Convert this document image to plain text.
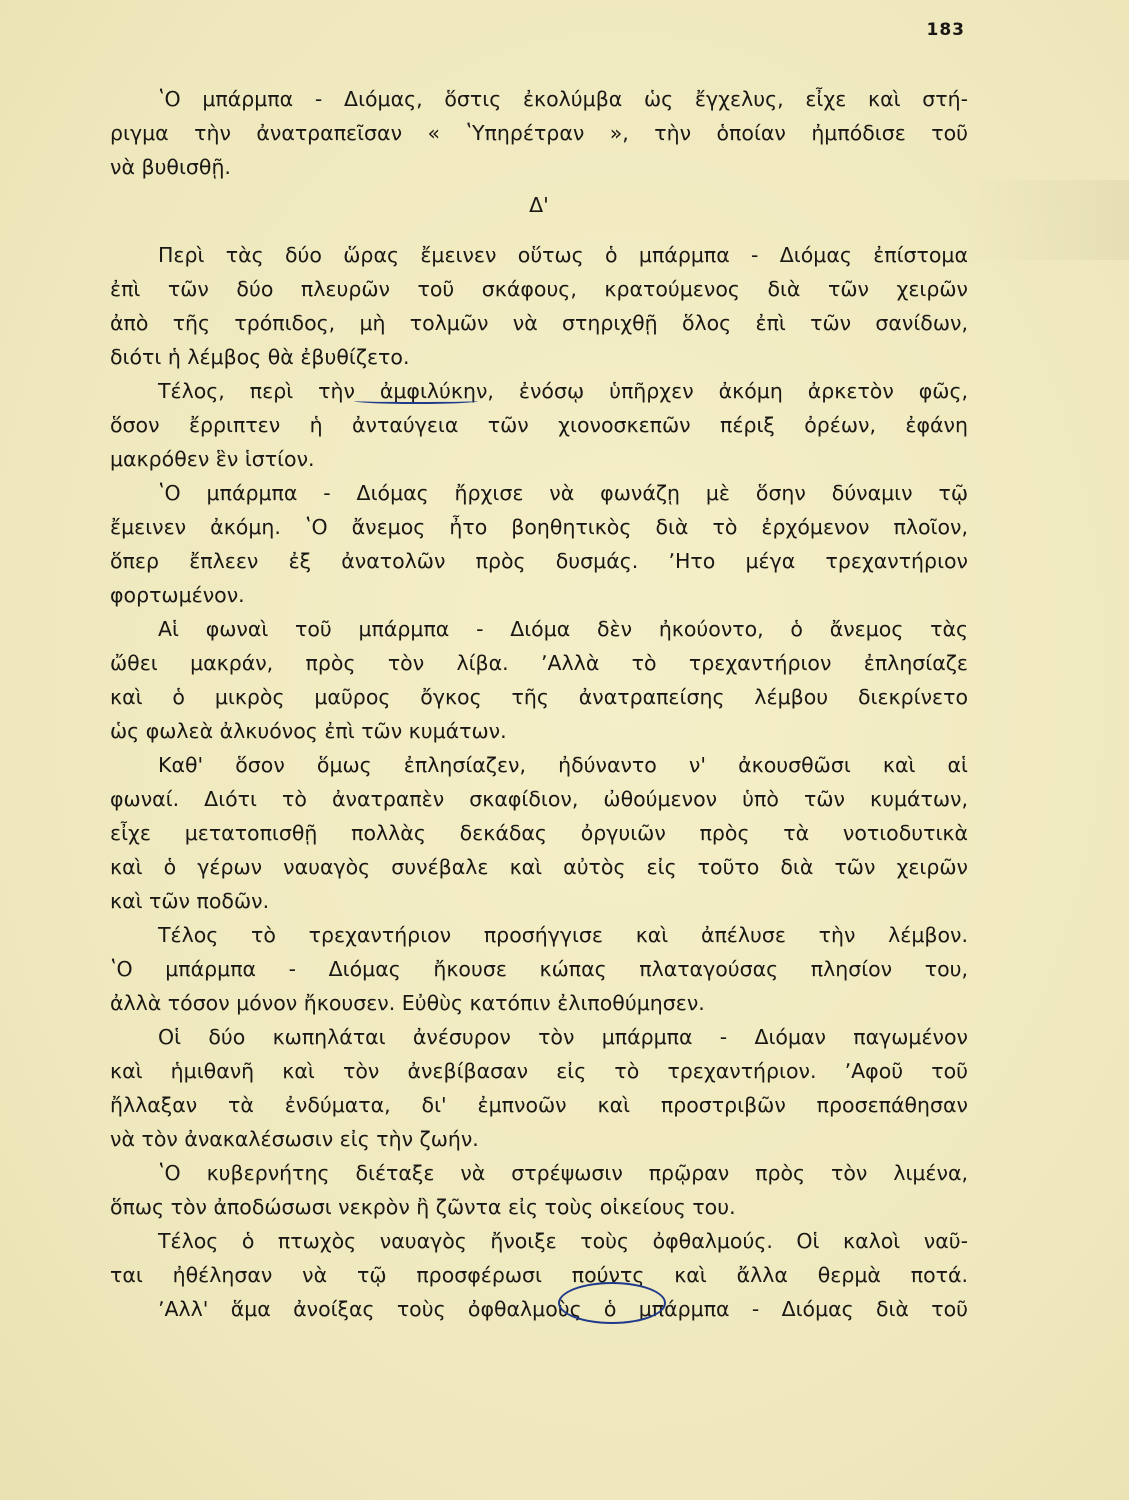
183
ʽΟ μπάρμπα - Διόμας, ὅστις ἐκολύμβα ὡς ἔγχελυς, εἶχε καὶ στή-
ριγμα τὴν ἀνατραπεῖσαν « ʽΥπηρέτραν », τὴν ὁποίαν ἠμπόδισε τοῦ
νὰ βυθισθῇ.
Δ'
Περὶ τὰς δύο ὥρας ἔμεινεν οὕτως ὁ μπάρμπα - Διόμας ἐπίστομα
ἐπὶ τῶν δύο πλευρῶν τοῦ σκάφους, κρατούμενος διὰ τῶν χειρῶν
ἀπὸ τῆς τρόπιδος, μὴ τολμῶν νὰ στηριχθῇ ὅλος ἐπὶ τῶν σανίδων,
διότι ἡ λέμβος θὰ ἐβυθίζετο.
Τέλος, περὶ τὴν ἀμφιλύκην, ἐνόσῳ ὑπῆρχεν ἀκόμη ἀρκετὸν φῶς,
ὅσον ἔρριπτεν ἡ ἀνταύγεια τῶν χιονοσκεπῶν πέριξ ὀρέων, ἐφάνη
μακρόθεν ἓν ἱστίον.
ʽΟ μπάρμπα - Διόμας ἤρχισε νὰ φωνάζῃ μὲ ὅσην δύναμιν τῷ
ἔμεινεν ἀκόμη. ʽΟ ἄνεμος ἦτο βοηθητικὸς διὰ τὸ ἐρχόμενον πλοῖον,
ὅπερ ἔπλεεν ἐξ ἀνατολῶν πρὸς δυσμάς. ʼΗτο μέγα τρεχαντήριον
φορτωμένον.
Αἱ φωναὶ τοῦ μπάρμπα - Διόμα δὲν ἠκούοντο, ὁ ἄνεμος τὰς
ὤθει μακράν, πρὸς τὸν λίβα. ʼΑλλὰ τὸ τρεχαντήριον ἐπλησίαζε
καὶ ὁ μικρὸς μαῦρος ὄγκος τῆς ἀνατραπείσης λέμβου διεκρίνετο
ὡς φωλεὰ ἀλκυόνος ἐπὶ τῶν κυμάτων.
Καθ' ὅσον ὅμως ἐπλησίαζεν, ἠδύναντο ν' ἀκουσθῶσι καὶ αἱ
φωναί. Διότι τὸ ἀνατραπὲν σκαφίδιον, ὠθούμενον ὑπὸ τῶν κυμάτων,
εἶχε μετατοπισθῇ πολλὰς δεκάδας ὀργυιῶν πρὸς τὰ νοτιοδυτικὰ
καὶ ὁ γέρων ναυαγὸς συνέβαλε καὶ αὐτὸς εἰς τοῦτο διὰ τῶν χειρῶν
καὶ τῶν ποδῶν.
Τέλος τὸ τρεχαντήριον προσήγγισε καὶ ἀπέλυσε τὴν λέμβον.
ʽΟ μπάρμπα - Διόμας ἤκουσε κώπας πλαταγούσας πλησίον του,
ἀλλὰ τόσον μόνον ἤκουσεν. Εὐθὺς κατόπιν ἐλιποθύμησεν.
Οἱ δύο κωπηλάται ἀνέσυρον τὸν μπάρμπα - Διόμαν παγωμένον
καὶ ἡμιθανῆ καὶ τὸν ἀνεβίβασαν εἰς τὸ τρεχαντήριον. ʼΑφοῦ τοῦ
ἤλλαξαν τὰ ἐνδύματα, δι' ἐμπνοῶν καὶ προστριβῶν προσεπάθησαν
νὰ τὸν ἀνακαλέσωσιν εἰς τὴν ζωήν.
ʽΟ κυβερνήτης διέταξε νὰ στρέψωσιν πρῷραν πρὸς τὸν λιμένα,
ὅπως τὸν ἀποδώσωσι νεκρὸν ἢ ζῶντα εἰς τοὺς οἰκείους του.
Τέλος ὁ πτωχὸς ναυαγὸς ἤνοιξε τοὺς ὀφθαλμούς. Οἱ καλοὶ ναῦ-
ται ἠθέλησαν νὰ τῷ προσφέρωσι πούντς καὶ ἄλλα θερμὰ ποτά.
ʼΑλλ' ἅμα ἀνοίξας τοὺς ὀφθαλμοὺς ὁ μπάρμπα - Διόμας διὰ τοῦ
